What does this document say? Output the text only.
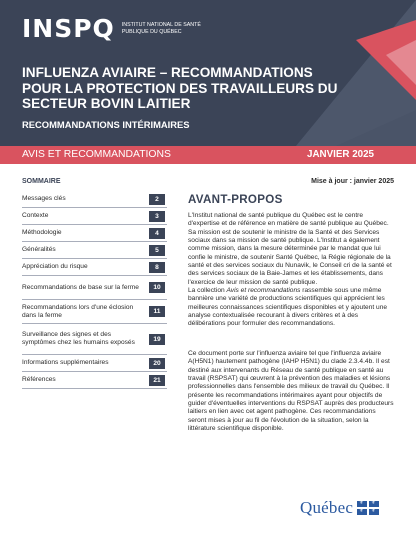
INSPQ INSTITUT NATIONAL DE SANTÉ PUBLIQUE DU QUÉBEC
INFLUENZA AVIAIRE – RECOMMANDATIONS POUR LA PROTECTION DES TRAVAILLEURS DU SECTEUR BOVIN LAITIER
RECOMMANDATIONS INTÉRIMAIRES
AVIS ET RECOMMANDATIONS	JANVIER 2025
SOMMAIRE
Messages clés	2
Contexte	3
Méthodologie	4
Généralités	5
Appréciation du risque	8
Recommandations de base sur la ferme	10
Recommandations lors d'une éclosion dans la ferme	11
Surveillance des signes et des symptômes chez les humains exposés	19
Informations supplémentaires	20
Références	21
Mise à jour : janvier 2025
AVANT-PROPOS

L'Institut national de santé publique du Québec est le centre d'expertise et de référence en matière de santé publique au Québec. Sa mission est de soutenir le ministre de la Santé et des Services sociaux dans sa mission de santé publique. L'Institut a également comme mission, dans la mesure déterminée par le mandat que lui confie le ministre, de soutenir Santé Québec, la Régie régionale de la santé et des services sociaux du Nunavik, le Conseil cri de la santé et des services sociaux de la Baie-James et les établissements, dans l'exercice de leur mission de santé publique.

La collection Avis et recommandations rassemble sous une même bannière une variété de productions scientifiques qui apprécient les meilleures connaissances scientifiques disponibles et y ajoutent une analyse contextualisée recourant à divers critères et à des délibérations pour formuler des recommandations.

Ce document porte sur l'influenza aviaire tel que l'influenza aviaire A(H5N1) hautement pathogène (IAHP H5N1) du clade 2.3.4.4b. Il est destiné aux intervenants du Réseau de santé publique en santé au travail (RSPSAT) qui œuvrent à la prévention des maladies et lésions professionnelles dans l'ensemble des milieux de travail du Québec. Il présente les recommandations intérimaires ayant pour objectifs de guider d'éventuelles interventions du RSPSAT auprès des producteurs laitiers en lien avec cet agent pathogène. Ces recommandations seront mises à jour au fil de l'évolution de la situation, selon la littérature scientifique disponible.

Québec ⚜ ⚜
⚜ ⚜
